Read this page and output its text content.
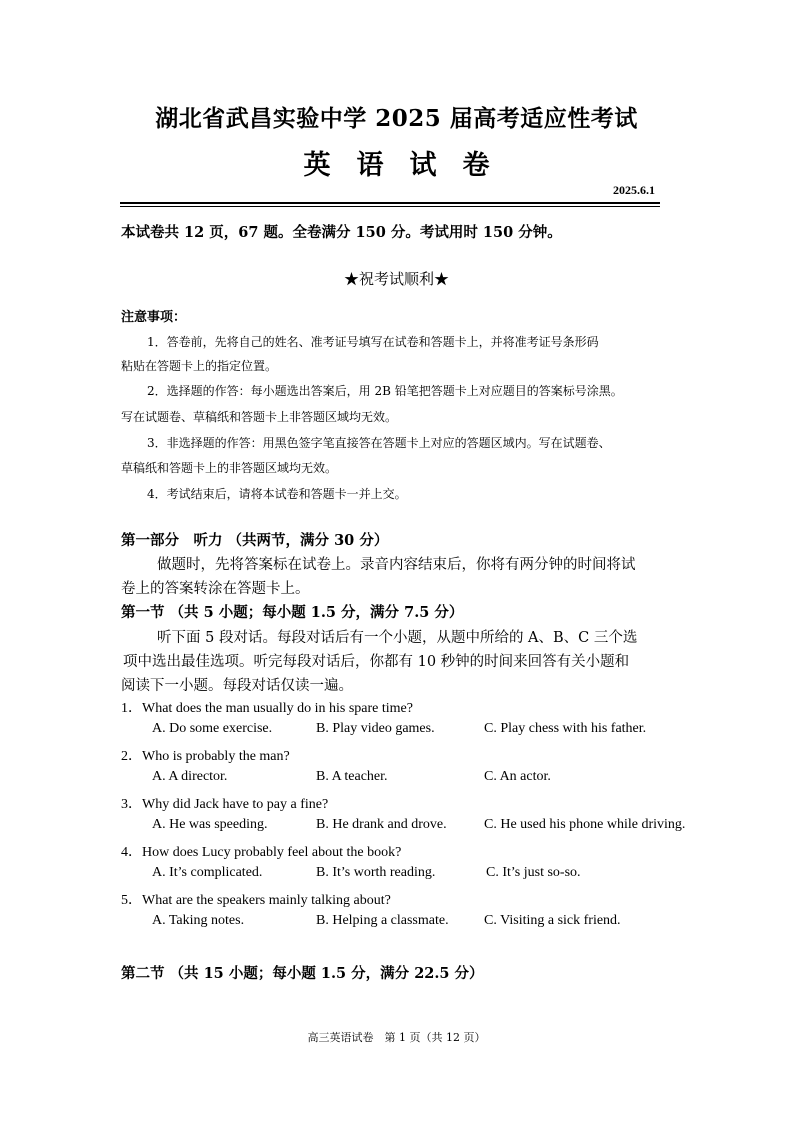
湖北省武昌实验中学 2025 届高考适应性考试
英语试卷
2025.6.1
本试卷共 12 页，67 题。全卷满分 150 分。考试用时 150 分钟。
★祝考试顺利★
注意事项：
1．答卷前，先将自己的姓名、准考证号填写在试卷和答题卡上，并将准考证号条形码
粘贴在答题卡上的指定位置。
2．选择题的作答：每小题选出答案后，用 2B 铅笔把答题卡上对应题目的答案标号涂黑。
写在试题卷、草稿纸和答题卡上非答题区域均无效。
3．非选择题的作答：用黑色签字笔直接答在答题卡上对应的答题区域内。写在试题卷、
草稿纸和答题卡上的非答题区域均无效。
4．考试结束后，请将本试卷和答题卡一并上交。
第一部分　听力 （共两节，满分 30 分）
做题时，先将答案标在试卷上。录音内容结束后，你将有两分钟的时间将试
卷上的答案转涂在答题卡上。
第一节 （共 5 小题；每小题 1.5 分，满分 7.5 分）
听下面 5 段对话。每段对话后有一个小题，从题中所给的 A、B、C 三个选
项中选出最佳选项。听完每段对话后，你都有 10 秒钟的时间来回答有关小题和
阅读下一小题。每段对话仅读一遍。
1．What does the man usually do in his spare time?
A. Do some exercise.	B. Play video games.	C. Play chess with his father.
2．Who is probably the man?
A. A director.	B. A teacher.	C. An actor.
3．Why did Jack have to pay a fine?
A. He was speeding.	B. He drank and drove.	C. He used his phone while driving.
4．How does Lucy probably feel about the book?
A. It’s complicated.	B. It’s worth reading.	C. It’s just so-so.
5．What are the speakers mainly talking about?
A. Taking notes.	B. Helping a classmate.	C. Visiting a sick friend.
第二节 （共 15 小题；每小题 1.5 分，满分 22.5 分）
高三英语试卷　第 1 页（共 12 页）
